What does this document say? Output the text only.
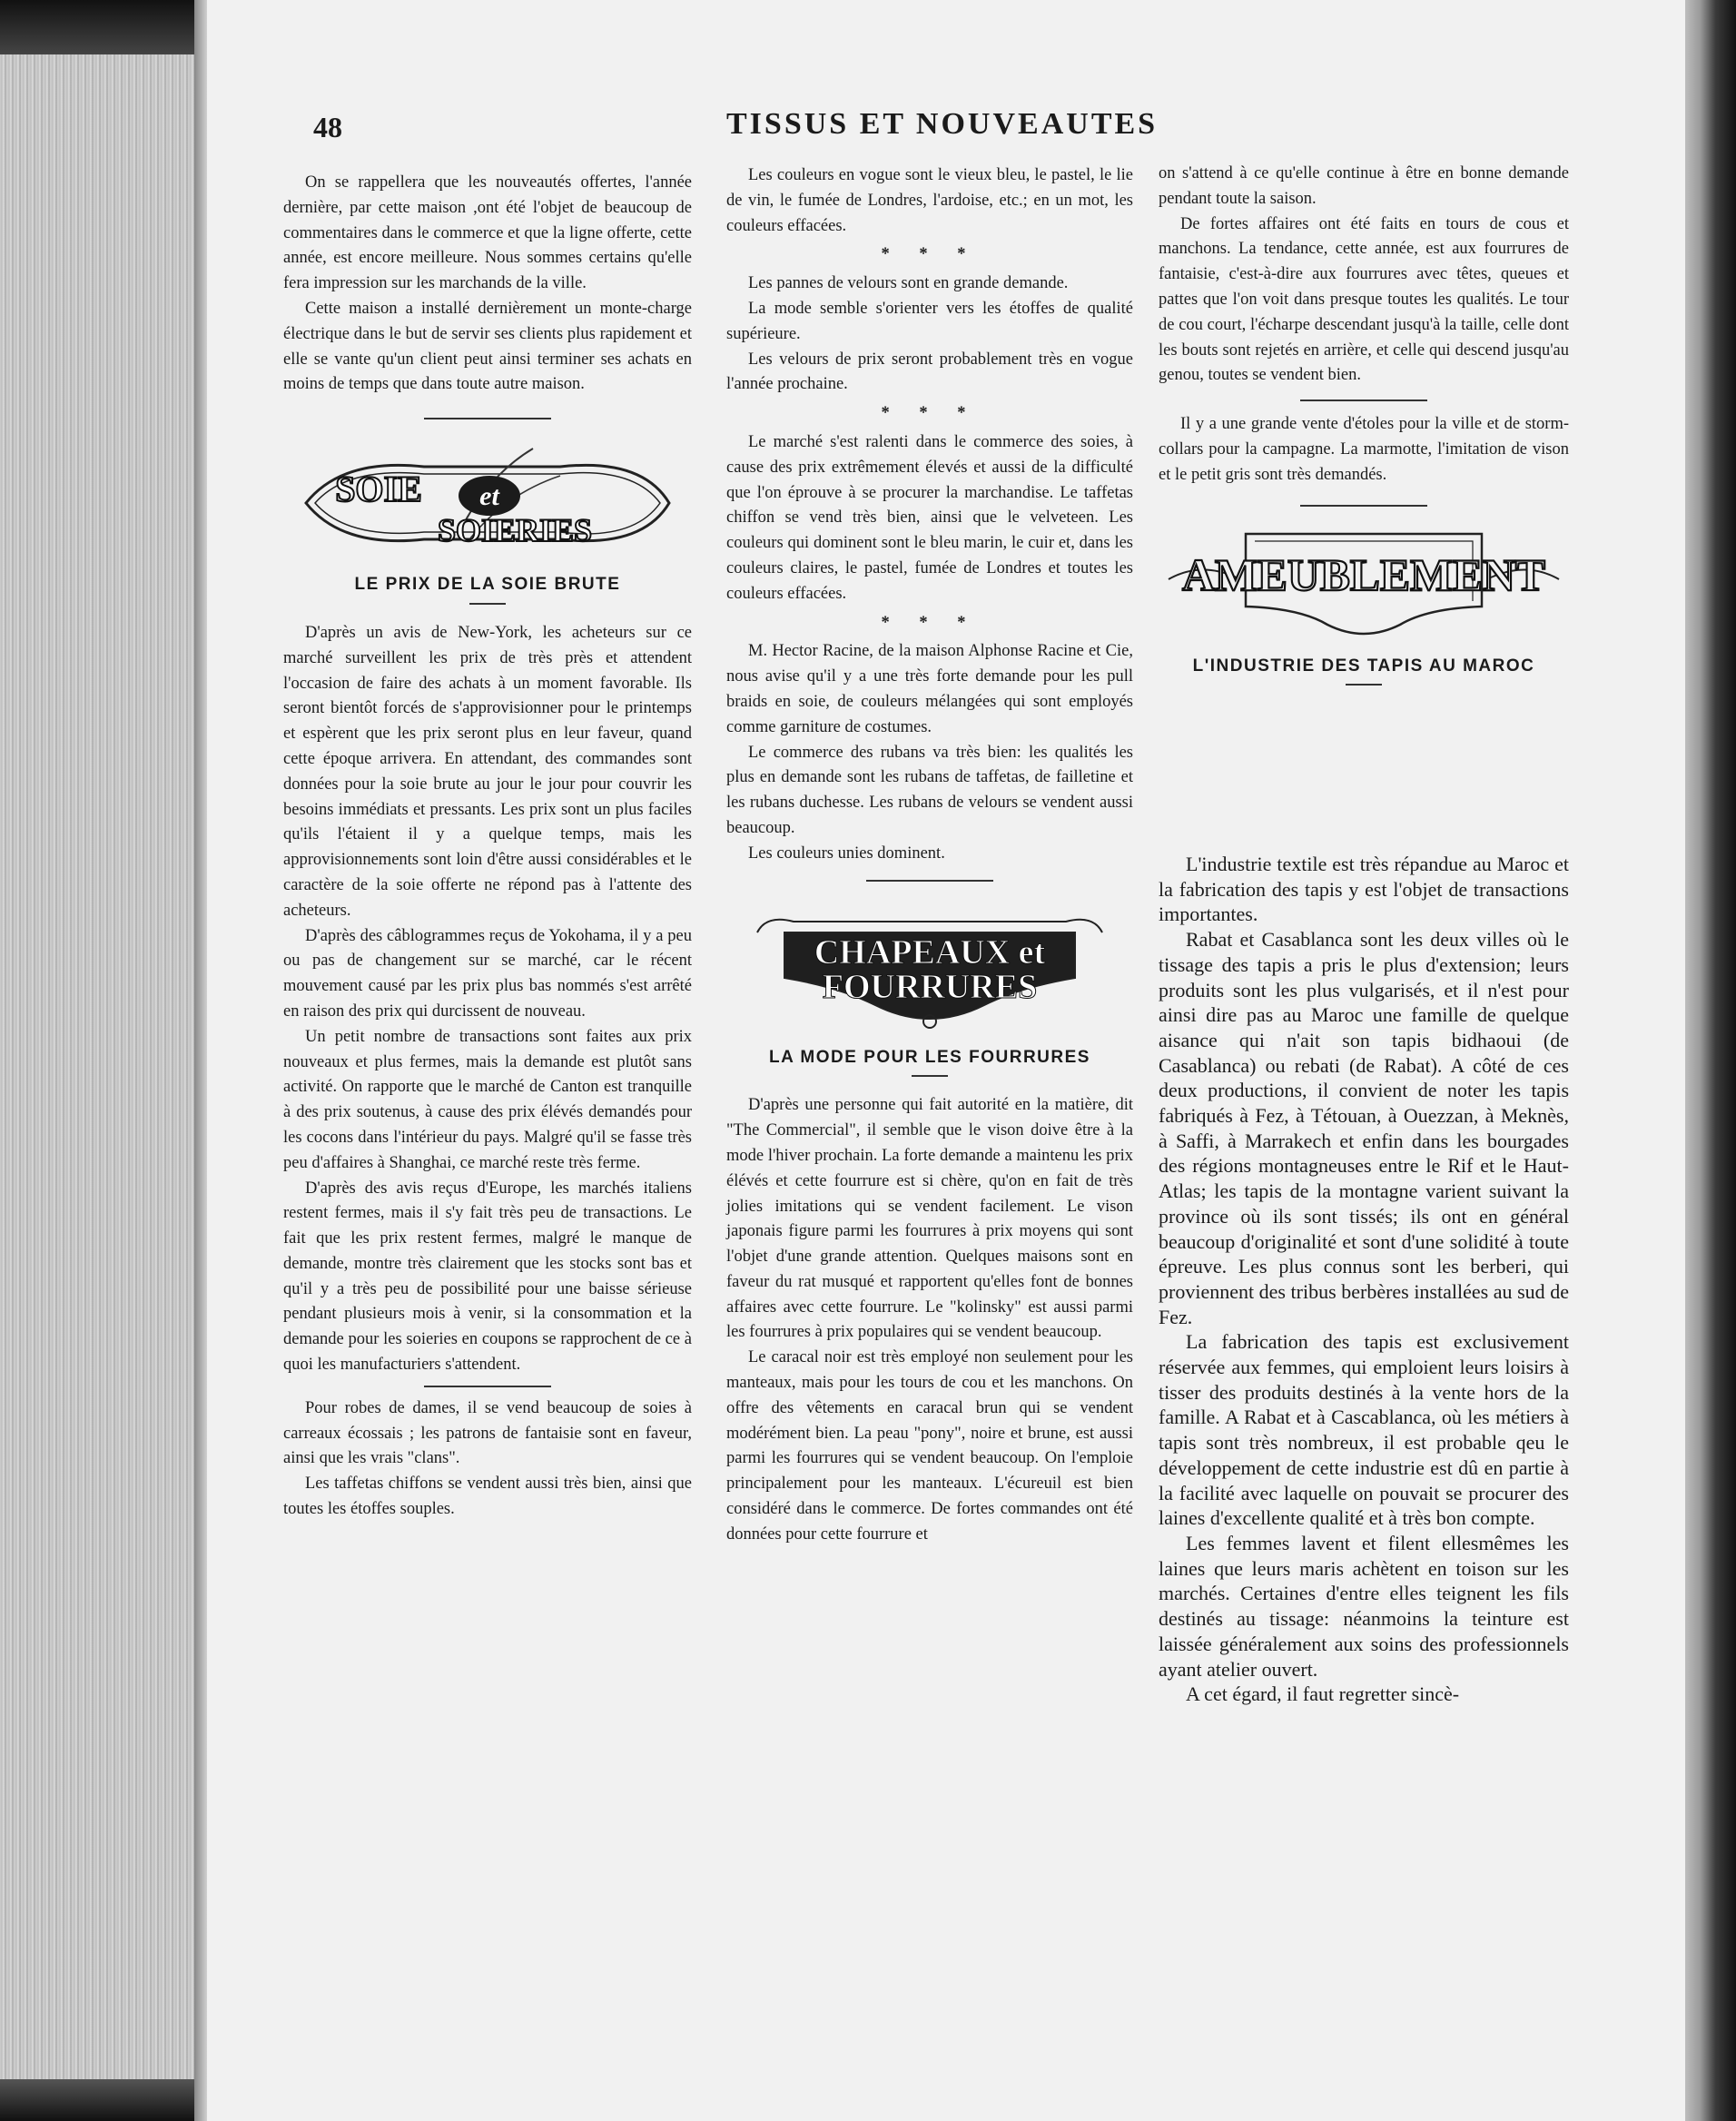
48	TISSUS ET NOUVEAUTES

On se rappellera que les nouveautés offertes, l'année dernière, par cette maison ,ont été l'objet de beaucoup de commentaires dans le commerce et que la ligne offerte, cette année, est encore meilleure. Nous sommes certains qu'elle fera impression sur les marchands de la ville.

Cette maison a installé dernièrement un monte-charge électrique dans le but de servir ses clients plus rapidement et elle se vante qu'un client peut ainsi terminer ses achats en moins de temps que dans toute autre maison.

SOIE et
SOIERIES

LE PRIX DE LA SOIE BRUTE

D'après un avis de New-York, les acheteurs sur ce marché surveillent les prix de très près et attendent l'occasion de faire des achats à un moment favorable. Ils seront bientôt forcés de s'approvisionner pour le printemps et espèrent que les prix seront plus en leur faveur, quand cette époque arrivera. En attendant, des commandes sont données pour la soie brute au jour le jour pour couvrir les besoins immédiats et pressants. Les prix sont un plus faciles qu'ils l'étaient il y a quelque temps, mais les approvisionnements sont loin d'être aussi considérables et le caractère de la soie offerte ne répond pas à l'attente des acheteurs.

D'après des câblogrammes reçus de Yokohama, il y a peu ou pas de changement sur se marché, car le récent mouvement causé par les prix plus bas nommés s'est arrêté en raison des prix qui durcissent de nouveau.

Un petit nombre de transactions sont faites aux prix nouveaux et plus fermes, mais la demande est plutôt sans activité. On rapporte que le marché de Canton est tranquille à des prix soutenus, à cause des prix élévés demandés pour les cocons dans l'intérieur du pays. Malgré qu'il se fasse très peu d'affaires à Shanghai, ce marché reste très ferme.

D'après des avis reçus d'Europe, les marchés italiens restent fermes, mais il s'y fait très peu de transactions. Le fait que les prix restent fermes, malgré le manque de demande, montre très clairement que les stocks sont bas et qu'il y a très peu de possibilité pour une baisse sérieuse pendant plusieurs mois à venir, si la consommation et la demande pour les soieries en coupons se rapprochent de ce à quoi les manufacturiers s'attendent.

Pour robes de dames, il se vend beaucoup de soies à carreaux écossais ; les patrons de fantaisie sont en faveur, ainsi que les vrais "clans".

Les taffetas chiffons se vendent aussi très bien, ainsi que toutes les étoffes souples.

Les couleurs en vogue sont le vieux bleu, le pastel, le lie de vin, le fumée de Londres, l'ardoise, etc.; en un mot, les couleurs effacées.

* * *

Les pannes de velours sont en grande demande.

La mode semble s'orienter vers les étoffes de qualité supérieure.

Les velours de prix seront probablement très en vogue l'année prochaine.

* * *

Le marché s'est ralenti dans le commerce des soies, à cause des prix extrêmement élevés et aussi de la difficulté que l'on éprouve à se procurer la marchandise. Le taffetas chiffon se vend très bien, ainsi que le velveteen. Les couleurs qui dominent sont le bleu marin, le cuir et, dans les couleurs claires, le pastel, fumée de Londres et toutes les couleurs effacées.

* * *

M. Hector Racine, de la maison Alphonse Racine et Cie, nous avise qu'il y a une très forte demande pour les pull braids en soie, de couleurs mélangées qui sont employés comme garniture de costumes.

Le commerce des rubans va très bien: les qualités les plus en demande sont les rubans de taffetas, de failletine et les rubans duchesse. Les rubans de velours se vendent aussi beaucoup.

Les couleurs unies dominent.

CHAPEAUX et
FOURRURES

LA MODE POUR LES FOURRURES

D'après une personne qui fait autorité en la matière, dit "The Commercial", il semble que le vison doive être à la mode l'hiver prochain. La forte demande a maintenu les prix élévés et cette fourrure est si chère, qu'on en fait de très jolies imitations qui se vendent facilement. Le vison japonais figure parmi les fourrures à prix moyens qui sont l'objet d'une grande attention. Quelques maisons sont en faveur du rat musqué et rapportent qu'elles font de bonnes affaires avec cette fourrure. Le "kolinsky" est aussi parmi les fourrures à prix populaires qui se vendent beaucoup.

Le caracal noir est très employé non seulement pour les manteaux, mais pour les tours de cou et les manchons. On offre des vêtements en caracal brun qui se vendent modérément bien. La peau "pony", noire et brune, est aussi parmi les fourrures qui se vendent beaucoup. On l'emploie principalement pour les manteaux. L'écureuil est bien considéré dans le commerce. De fortes commandes ont été données pour cette fourrure et

on s'attend à ce qu'elle continue à être en bonne demande pendant toute la saison.

De fortes affaires ont été faits en tours de cous et manchons. La tendance, cette année, est aux fourrures de fantaisie, c'est-à-dire aux fourrures avec têtes, queues et pattes que l'on voit dans presque toutes les qualités. Le tour de cou court, l'écharpe descendant jusqu'à la taille, celle dont les bouts sont rejetés en arrière, et celle qui descend jusqu'au genou, toutes se vendent bien.

Il y a une grande vente d'étoles pour la ville et de storm-collars pour la campagne. La marmotte, l'imitation de vison et le petit gris sont très demandés.

AMEUBLEMENT

L'INDUSTRIE DES TAPIS AU MAROC

L'industrie textile est très répandue au Maroc et la fabrication des tapis y est l'objet de transactions importantes.

Rabat et Casablanca sont les deux villes où le tissage des tapis a pris le plus d'extension; leurs produits sont les plus vulgarisés, et il n'est pour ainsi dire pas au Maroc une famille de quelque aisance qui n'ait son tapis bidhaoui (de Casablanca) ou rebati (de Rabat). A côté de ces deux productions, il convient de noter les tapis fabriqués à Fez, à Tétouan, à Ouezzan, à Meknès, à Saffi, à Marrakech et enfin dans les bourgades des régions montagneuses entre le Rif et le Haut-Atlas; les tapis de la montagne varient suivant la province où ils sont tissés; ils ont en général beaucoup d'originalité et sont d'une solidité à toute épreuve. Les plus connus sont les berberi, qui proviennent des tribus berbères installées au sud de Fez.

La fabrication des tapis est exclusivement réservée aux femmes, qui emploient leurs loisirs à tisser des produits destinés à la vente hors de la famille. A Rabat et à Cascablanca, où les métiers à tapis sont très nombreux, il est probable qeu le développement de cette industrie est dû en partie à la facilité avec laquelle on pouvait se procurer des laines d'excellente qualité et à très bon compte.

Les femmes lavent et filent ellesmêmes les laines que leurs maris achètent en toison sur les marchés. Certaines d'entre elles teignent les fils destinés au tissage: néanmoins la teinture est laissée généralement aux soins des professionnels ayant atelier ouvert.

A cet égard, il faut regretter sincè-
